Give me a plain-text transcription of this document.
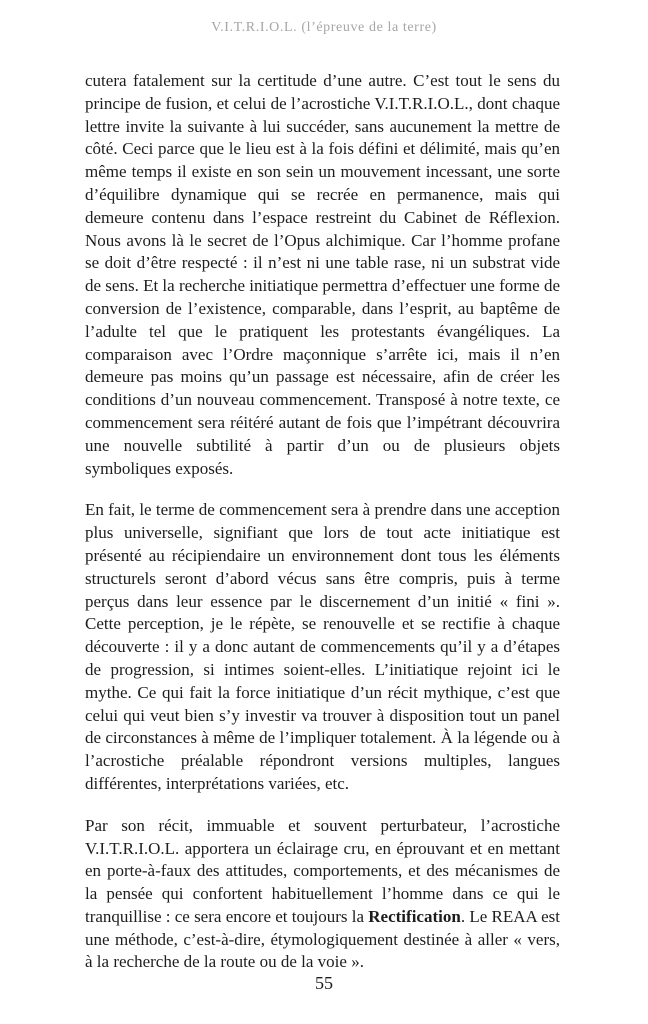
V.I.T.R.I.O.L. (l’épreuve de la terre)

cutera fatalement sur la certitude d’une autre. C’est tout le sens du principe de fusion, et celui de l’acrostiche V.I.T.R.I.O.L., dont chaque lettre invite la suivante à lui succéder, sans aucunement la mettre de côté. Ceci parce que le lieu est à la fois défini et délimité, mais qu’en même temps il existe en son sein un mouvement incessant, une sorte d’équilibre dynamique qui se recrée en permanence, mais qui demeure contenu dans l’espace restreint du Cabinet de Réflexion. Nous avons là le secret de l’Opus alchimique. Car l’homme profane se doit d’être respecté : il n’est ni une table rase, ni un substrat vide de sens. Et la recherche initiatique permettra d’effectuer une forme de conversion de l’existence, comparable, dans l’esprit, au baptême de l’adulte tel que le pratiquent les protestants évangéliques. La comparaison avec l’Ordre maçonnique s’arrête ici, mais il n’en demeure pas moins qu’un passage est nécessaire, afin de créer les conditions d’un nouveau commencement. Transposé à notre texte, ce commencement sera réitéré autant de fois que l’impétrant découvrira une nouvelle subtilité à partir d’un ou de plusieurs objets symboliques exposés.

En fait, le terme de commencement sera à prendre dans une acception plus universelle, signifiant que lors de tout acte initiatique est présenté au récipiendaire un environnement dont tous les éléments structurels seront d’abord vécus sans être compris, puis à terme perçus dans leur essence par le discernement d’un initié « fini ». Cette perception, je le répète, se renouvelle et se rectifie à chaque découverte : il y a donc autant de commencements qu’il y a d’étapes de progression, si intimes soient-elles. L’initiatique rejoint ici le mythe. Ce qui fait la force initiatique d’un récit mythique, c’est que celui qui veut bien s’y investir va trouver à disposition tout un panel de circonstances à même de l’impliquer totalement. À la légende ou à l’acrostiche préalable répondront versions multiples, langues différentes, interprétations variées, etc.

Par son récit, immuable et souvent perturbateur, l’acrostiche V.I.T.R.I.O.L. apportera un éclairage cru, en éprouvant et en mettant en porte-à-faux des attitudes, comportements, et des mécanismes de la pensée qui confortent habituellement l’homme dans ce qui le tranquillise : ce sera encore et toujours la Rectification. Le REAA est une méthode, c’est-à-dire, étymologiquement destinée à aller « vers, à la recherche de la route ou de la voie ».

55
